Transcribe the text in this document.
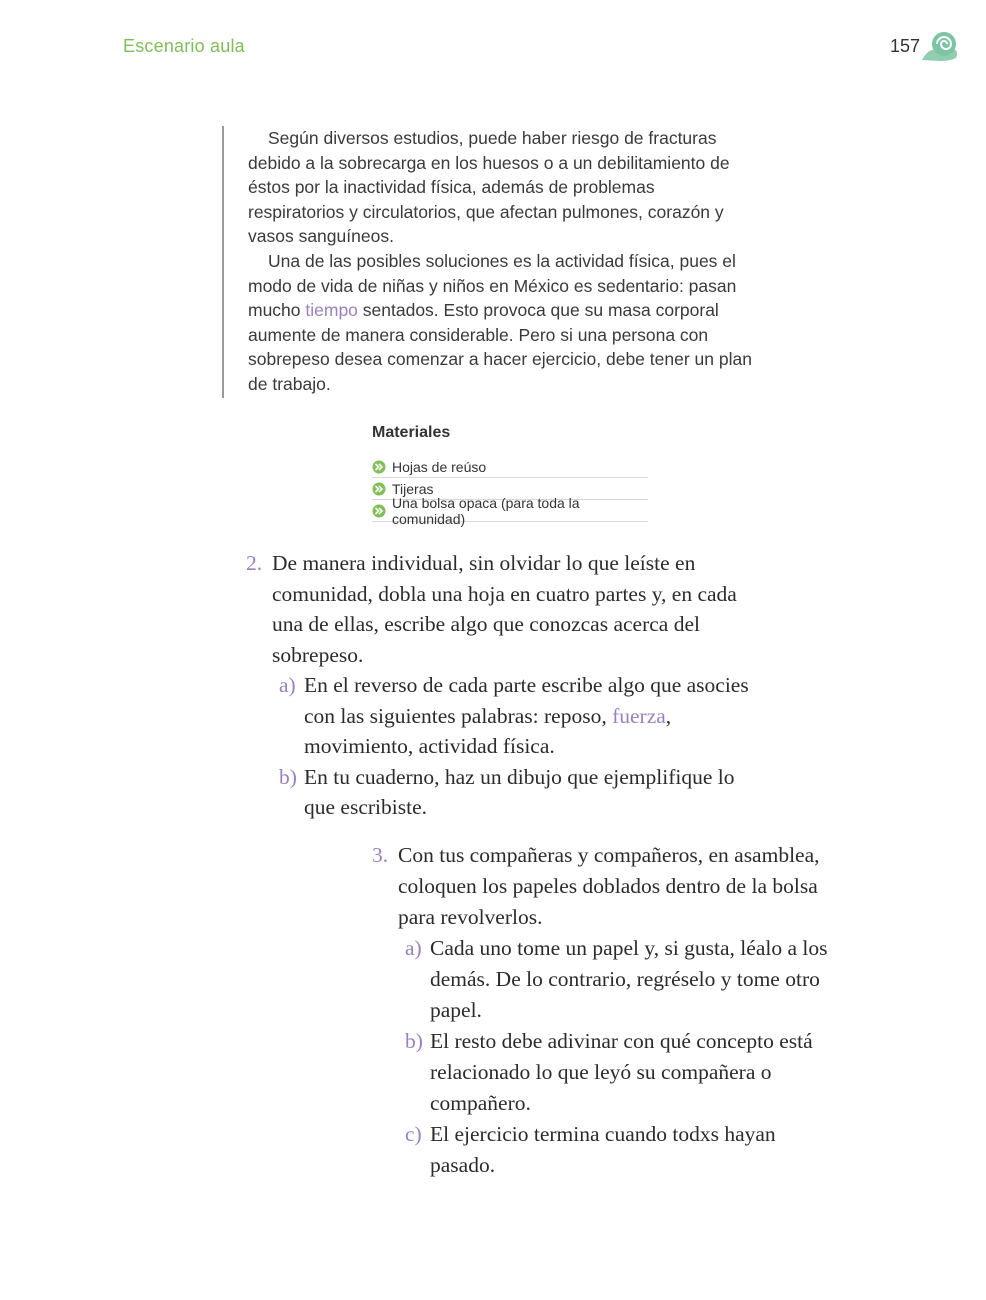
Escenario aula	157

Según diversos estudios, puede haber riesgo de fracturas debido a la sobrecarga en los huesos o a un debilitamiento de éstos por la inactividad física, además de problemas respiratorios y circulatorios, que afectan pulmones, corazón y vasos sanguíneos.

Una de las posibles soluciones es la actividad física, pues el modo de vida de niñas y niños en México es sedentario: pasan mucho tiempo sentados. Esto provoca que su masa corporal aumente de manera considerable. Pero si una persona con sobrepeso desea comenzar a hacer ejercicio, debe tener un plan de trabajo.

Materiales
Hojas de reúso
Tijeras
Una bolsa opaca (para toda la comunidad)
2. De manera individual, sin olvidar lo que leíste en comunidad, dobla una hoja en cuatro partes y, en cada una de ellas, escribe algo que conozcas acerca del sobrepeso.
a) En el reverso de cada parte escribe algo que asocies con las siguientes palabras: reposo, fuerza, movimiento, actividad física.
b) En tu cuaderno, haz un dibujo que ejemplifique lo que escribiste.
3. Con tus compañeras y compañeros, en asamblea, coloquen los papeles doblados dentro de la bolsa para revolverlos.
a) Cada uno tome un papel y, si gusta, léalo a los demás. De lo contrario, regréselo y tome otro papel.
b) El resto debe adivinar con qué concepto está relacionado lo que leyó su compañera o compañero.
c) El ejercicio termina cuando todxs hayan pasado.
